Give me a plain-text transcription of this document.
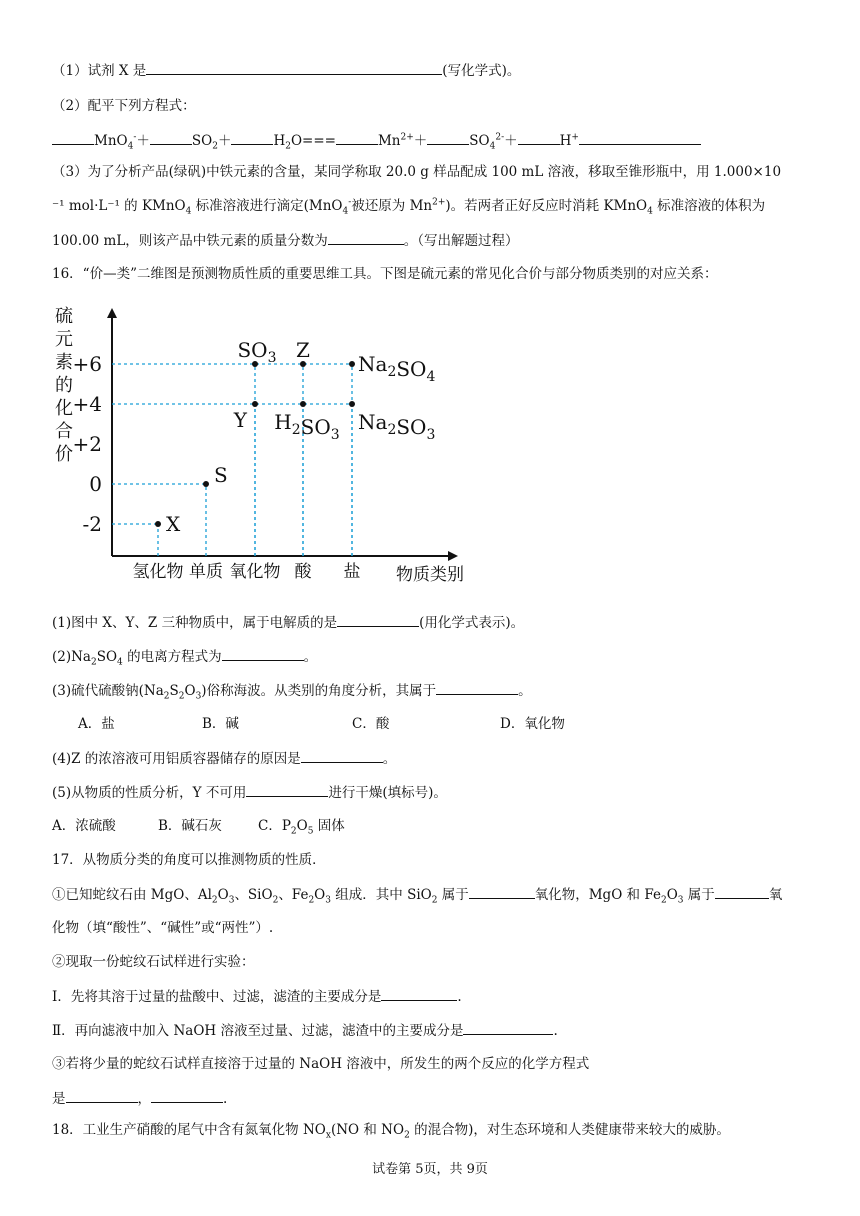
（1）试剂 X 是	(写化学式)。
（2）配平下列方程式：
MnO$_4$-＋	$SO_2+$	$H_2O===$	$Mn^{2+}+$	$SO_4^{2-}+$	H+
（3）为了分析产品(绿矾)中铁元素的含量，某同学称取 20.0 g 样品配成 100 mL 溶液，移取至锥形瓶中，用 1.000×10
⁻¹ mol·L⁻¹ 的 KMnO$_4$ 标准溶液进行滴定(MnO$_4$-被还原为 $Mn^{2+}$)。若两者正好反应时消耗 KMnO$_4$ 标准溶液的体积为
100.00 mL，则该产品中铁元素的质量分数为	。（写出解题过程）
16．“价—类”二维图是预测物质性质的重要思维工具。下图是硫元素的常见化合价与部分物质类别的对应关系：
硫
元
素
的
化
合
价
+6
+4
+2
0
-2
氢化物 单质 氧化物 酸 盐
X
S
$SO_3$
Y
Z
$H_2SO_3$
$Na_2SO_4$
$Na_2SO_3$
物质类别
(1)图中 X、Y、Z 三种物质中，属于电解质的是	(用化学式表示)。
$(2)Na_2SO_4$ 的电离方程式为	。
(3)硫代硫酸钠$(Na_2S_2O_3)$俗称海波。从类别的角度分析，其属于	。
A．盐	B．碱	C．酸	D．氧化物
(4)Z 的浓溶液可用铝质容器储存的原因是	。
(5)从物质的性质分析，Y 不可用	进行干燥(填标号)。
A．浓硫酸	B．碱石灰	C．$P_2O_5$ 固体
17．从物质分类的角度可以推测物质的性质．
①已知蛇纹石由 MgO、$Al_2O_3$、SiO$_2$、$Fe_2O_3$ 组成．其中 SiO$_2$ 属于	氧化物，MgO 和 $Fe_2O_3$ 属于	氧
化物（填“酸性”、“碱性”或“两性”）.
②现取一份蛇纹石试样进行实验：
Ⅰ．先将其溶于过量的盐酸中、过滤，滤渣的主要成分是	.
Ⅱ．再向滤液中加入 NaOH 溶液至过量、过滤，滤渣中的主要成分是	.
③若将少量的蛇纹石试样直接溶于过量的 NaOH 溶液中，所发生的两个反应的化学方程式
是	，	.
18．工业生产硝酸的尾气中含有氮氧化物 $NO_x(NO$ 和 $NO_2$ 的混合物)，对生态环境和人类健康带来较大的威胁。
试卷第 5页，共 9页
